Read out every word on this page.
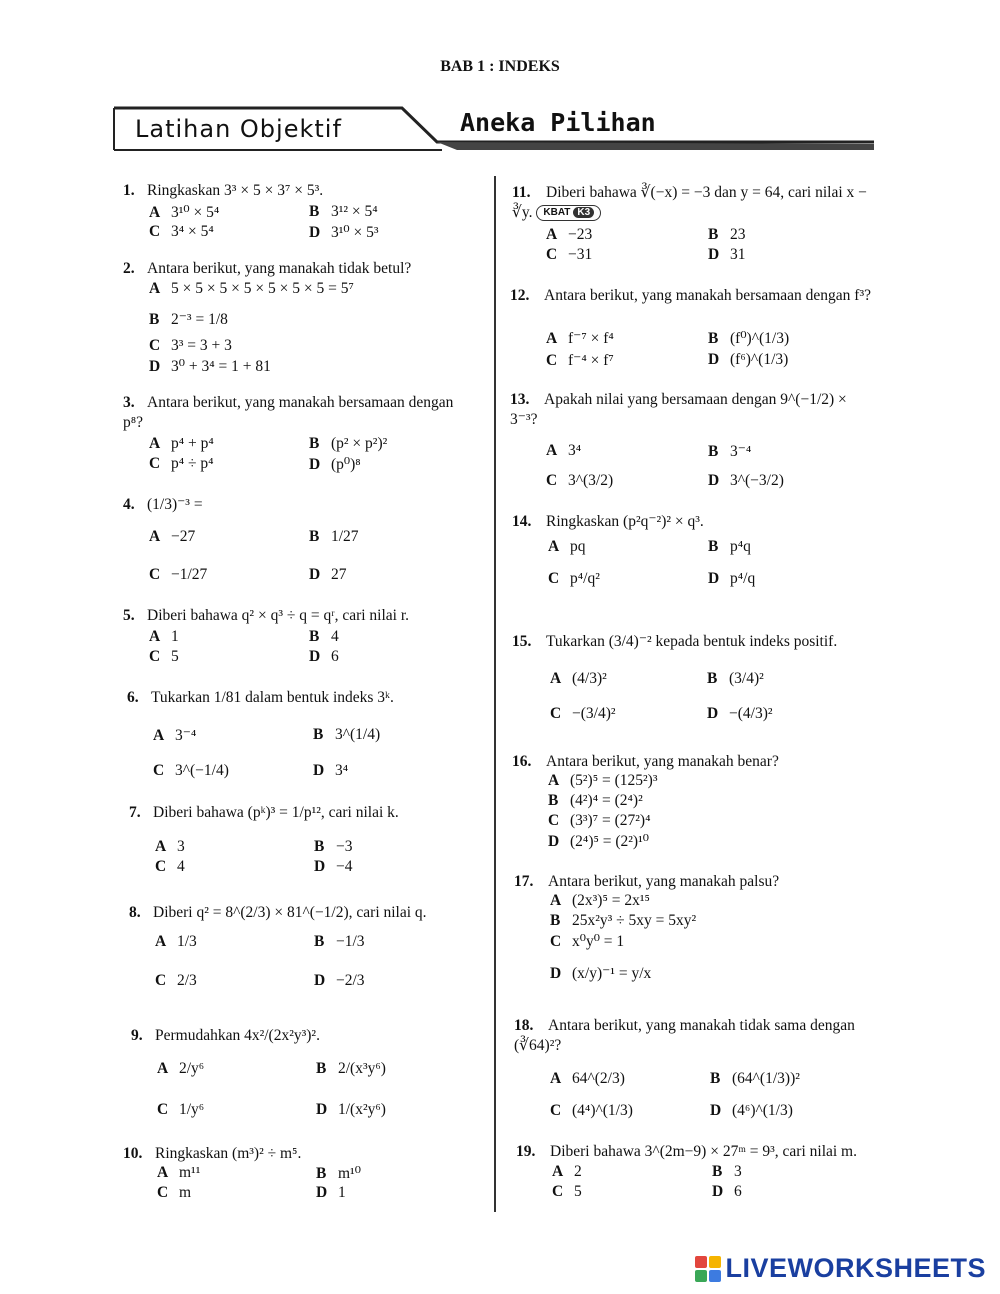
BAB 1 : INDEKS
Latihan Objektif	Aneka Pilihan
1. Ringkaskan 3³ × 5 × 3⁷ × 5³.
A 3¹⁰ × 5⁴	B 3¹² × 5⁴
C 3⁴ × 5⁴	D 3¹⁰ × 5³
2. Antara berikut, yang manakah tidak betul?
A 5 × 5 × 5 × 5 × 5 × 5 × 5 = 5⁷
B 2⁻³ = 1/8
C 3³ = 3 + 3
D 3⁰ + 3⁴ = 1 + 81
3. Antara berikut, yang manakah bersamaan dengan p⁸?
A p⁴ + p⁴	B (p² × p²)²
C p⁴ ÷ p⁴	D (p⁰)⁸
4. (1/3)⁻³ =
A −27	B 1/27
C −1/27	D 27
5. Diberi bahawa q² × q³ ÷ q = qʳ, cari nilai r.
A 1	B 4
C 5	D 6
6. Tukarkan 1/81 dalam bentuk indeks 3ᵏ.
A 3⁻⁴	B 3^(1/4)
C 3^(−1/4)	D 3⁴
7. Diberi bahawa (pᵏ)³ = 1/p¹², cari nilai k.
A 3	B −3
C 4	D −4
8. Diberi q² = 8^(2/3) × 81^(−1/2), cari nilai q.
A 1/3	B −1/3
C 2/3	D −2/3
9. Permudahkan 4x²/(2x²y³)².
A 2/y⁶	B 2/(x³y⁶)
C 1/y⁶	D 1/(x²y⁶)
10. Ringkaskan (m³)² ÷ m⁵.
A m¹¹	B m¹⁰
C m	D 1
11. Diberi bahawa ∛(−x) = −3 dan y = 64, cari nilai x − ∛y. KBAT K3
A −23	B 23
C −31	D 31
12. Antara berikut, yang manakah bersamaan dengan f³?
A f⁻⁷ × f⁴	B (f⁰)^(1/3)
C f⁻⁴ × f⁷	D (f⁶)^(1/3)
13. Apakah nilai yang bersamaan dengan 9^(−1/2) × 3⁻³?
A 3⁴	B 3⁻⁴
C 3^(3/2)	D 3^(−3/2)
14. Ringkaskan (p²q⁻²)² × q³.
A pq	B p⁴q
C p⁴/q²	D p⁴/q
15. Tukarkan (3/4)⁻² kepada bentuk indeks positif.
A (4/3)²	B (3/4)²
C −(3/4)²	D −(4/3)²
16. Antara berikut, yang manakah benar?
A (5²)⁵ = (125²)³
B (4²)⁴ = (2⁴)²
C (3³)⁷ = (27²)⁴
D (2⁴)⁵ = (2²)¹⁰
17. Antara berikut, yang manakah palsu?
A (2x³)⁵ = 2x¹⁵
B 25x²y³ ÷ 5xy = 5xy²
C x⁰y⁰ = 1
D (x/y)⁻¹ = y/x
18. Antara berikut, yang manakah tidak sama dengan (∛64)²?
A 64^(2/3)	B (64^(1/3))²
C (4⁴)^(1/3)	D (4⁶)^(1/3)
19. Diberi bahawa 3^(2m−9) × 27ᵐ = 9³, cari nilai m.
A 2	B 3
C 5	D 6
LIVEWORKSHEETS
